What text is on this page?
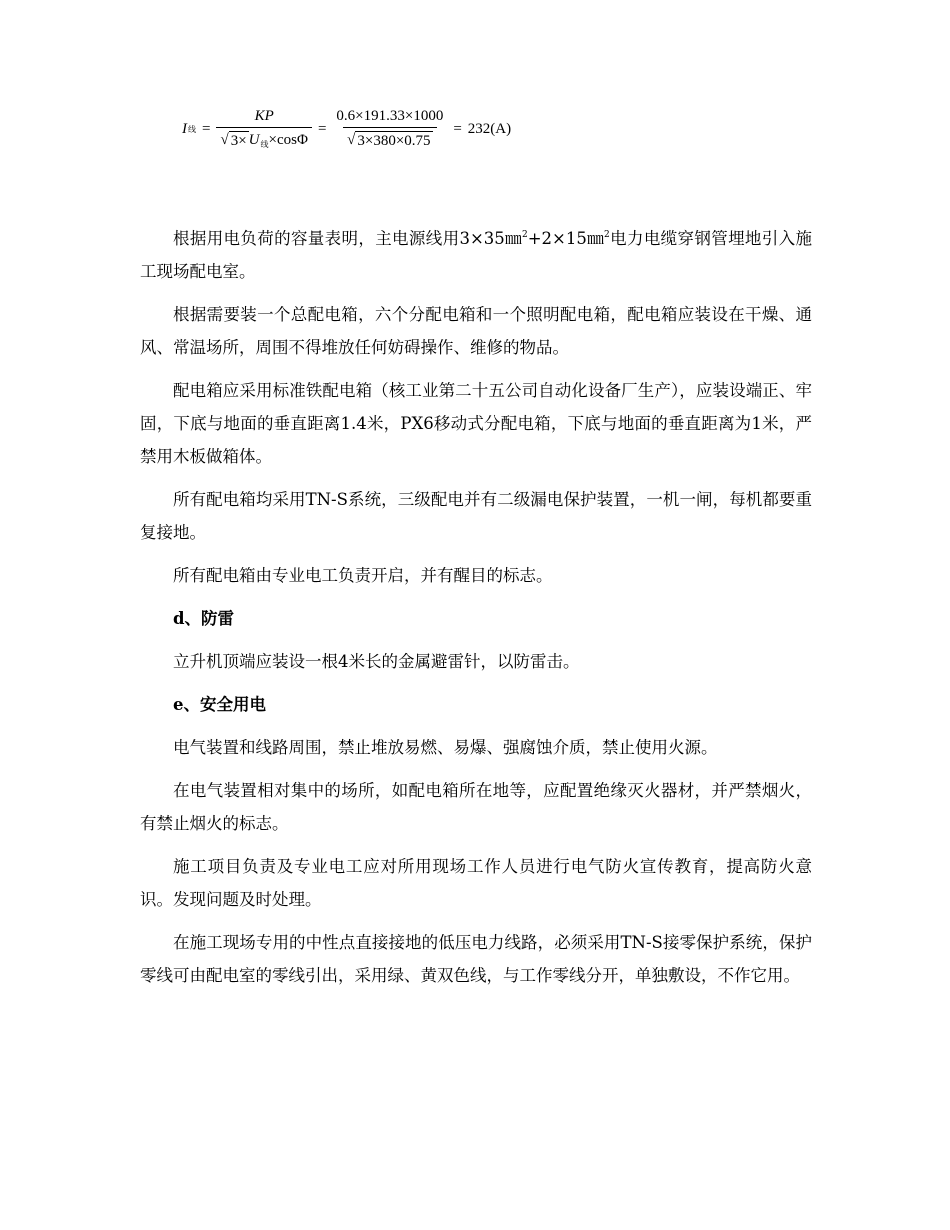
I 线 = $\frac{KP}{√ 3\times U_线\times\cos\Phi} = \frac{0.6\times 191.33\times 1000}{√ 3\times 380\times 0.75} = 232(A)$

根据用电负荷的容量表明，主电源线用3×35㎜$^2$+2×15㎜$^2$电力电缆穿钢管埋地引入施工现场配电室。

根据需要装一个总配电箱，六个分配电箱和一个照明配电箱，配电箱应装设在干燥、通风、常温场所，周围不得堆放任何妨碍操作、维修的物品。

配电箱应采用标准铁配电箱（核工业第二十五公司自动化设备厂生产），应装设端正、牢固，下底与地面的垂直距离1.4米，PX6移动式分配电箱，下底与地面的垂直距离为1米，严禁用木板做箱体。

所有配电箱均采用TN-S系统，三级配电并有二级漏电保护装置，一机一闸，每机都要重复接地。

所有配电箱由专业电工负责开启，并有醒目的标志。

d、防雷

立升机顶端应装设一根4米长的金属避雷针，以防雷击。

e、安全用电

电气装置和线路周围，禁止堆放易燃、易爆、强腐蚀介质，禁止使用火源。

在电气装置相对集中的场所，如配电箱所在地等，应配置绝缘灭火器材，并严禁烟火，有禁止烟火的标志。

施工项目负责及专业电工应对所用现场工作人员进行电气防火宣传教育，提高防火意识。发现问题及时处理。

在施工现场专用的中性点直接接地的低压电力线路，必须采用TN-S接零保护系统，保护零线可由配电室的零线引出，采用绿、黄双色线，与工作零线分开，单独敷设，不作它用。
